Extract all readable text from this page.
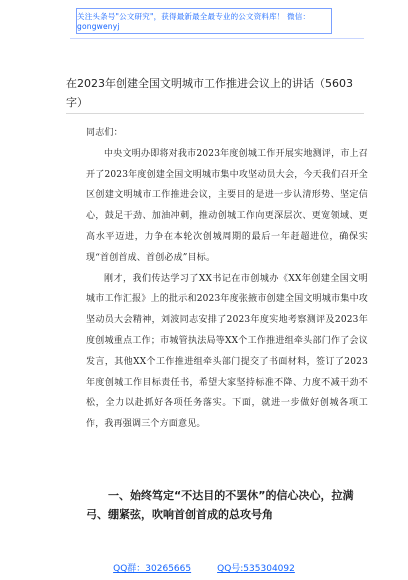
关注头条号"公文研究"，获得最新最全最专业的公文资料库！ 微信：gongwenyj
在2023年创建全国文明城市工作推进会议上的讲话（5603字）

同志们：

中央文明办即将对我市2023年度创城工作开展实地测评，市上召开了2023年度创建全国文明城市集中攻坚动员大会，今天我们召开全区创建文明城市工作推进会议，主要目的是进一步认清形势、坚定信心，鼓足干劲、加油冲刺，推动创城工作向更深层次、更宽领域、更高水平迈进，力争在本轮次创城周期的最后一年赶超进位，确保实现“首创首成、首创必成”目标。

刚才，我们传达学习了XX书记在市创城办《XX年创建全国文明城市工作汇报》上的批示和2023年度张掖市创建全国文明城市集中攻坚动员大会精神，刘波同志安排了2023年度实地考察测评及2023年度创城重点工作；市城管执法局等XX个工作推进组牵头部门作了会议发言，其他XX个工作推进组牵头部门提交了书面材料，签订了2023年度创城工作目标责任书，希望大家坚持标准不降、力度不减干劲不松，全力以赴抓好各项任务落实。下面，就进一步做好创城各项工作，我再强调三个方面意见。

一、始终笃定“不达目的不罢休”的信心决心，拉满弓、绷紧弦，吹响首创首成的总攻号角
QQ群：30265665	QQ号:535304092
